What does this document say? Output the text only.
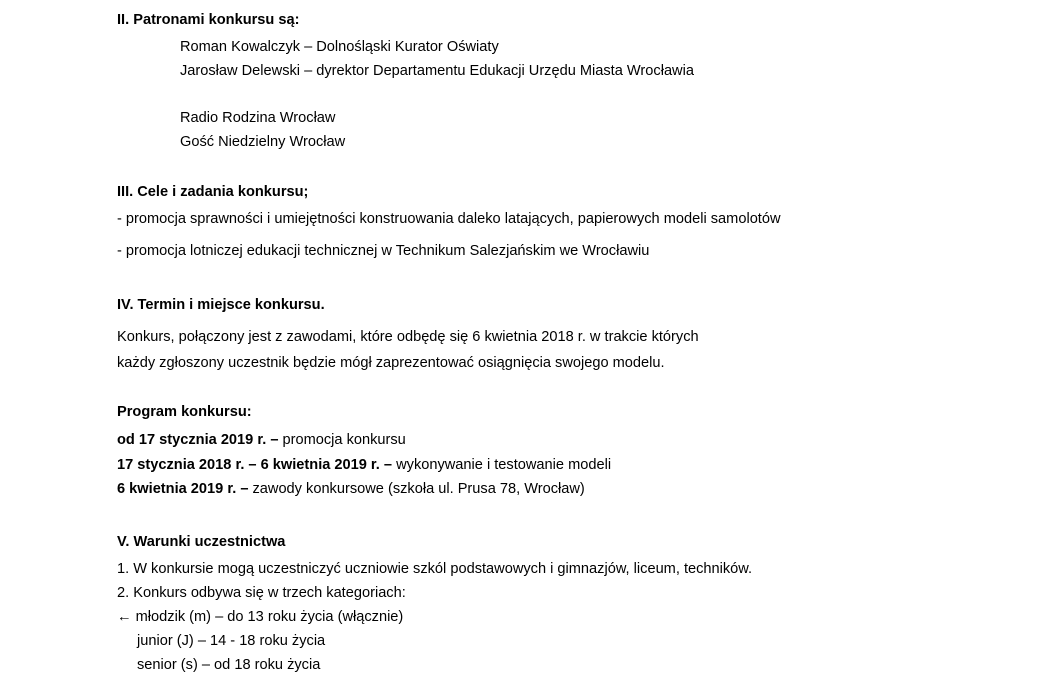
II. Patronami konkursu są:
Roman Kowalczyk – Dolnośląski Kurator Oświaty
Jarosław Delewski – dyrektor Departamentu Edukacji Urzędu Miasta Wrocławia
Radio Rodzina Wrocław
Gość Niedzielny Wrocław
III. Cele i zadania konkursu;
- promocja sprawności i umiejętności konstruowania daleko latających, papierowych modeli samolotów
- promocja lotniczej edukacji technicznej w Technikum Salezjańskim we Wrocławiu
IV. Termin i miejsce konkursu.
Konkurs, połączony jest z zawodami, które odbędę się 6 kwietnia 2018 r. w trakcie których
każdy zgłoszony uczestnik będzie mógł zaprezentować osiągnięcia swojego modelu.
Program konkursu:
od 17 stycznia 2019 r. – promocja konkursu
17 stycznia 2018 r. – 6 kwietnia 2019 r. – wykonywanie i testowanie modeli
6 kwietnia 2019 r. – zawody konkursowe (szkoła ul. Prusa 78, Wrocław)
V. Warunki uczestnictwa
1. W konkursie mogą uczestniczyć uczniowie szkól podstawowych i gimnazjów, liceum, techników.
2. Konkurs odbywa się w trzech kategoriach:
← młodzik (m) – do 13 roku życia (włącznie)
junior (J) – 14 - 18 roku życia
senior (s) – od 18 roku życia
